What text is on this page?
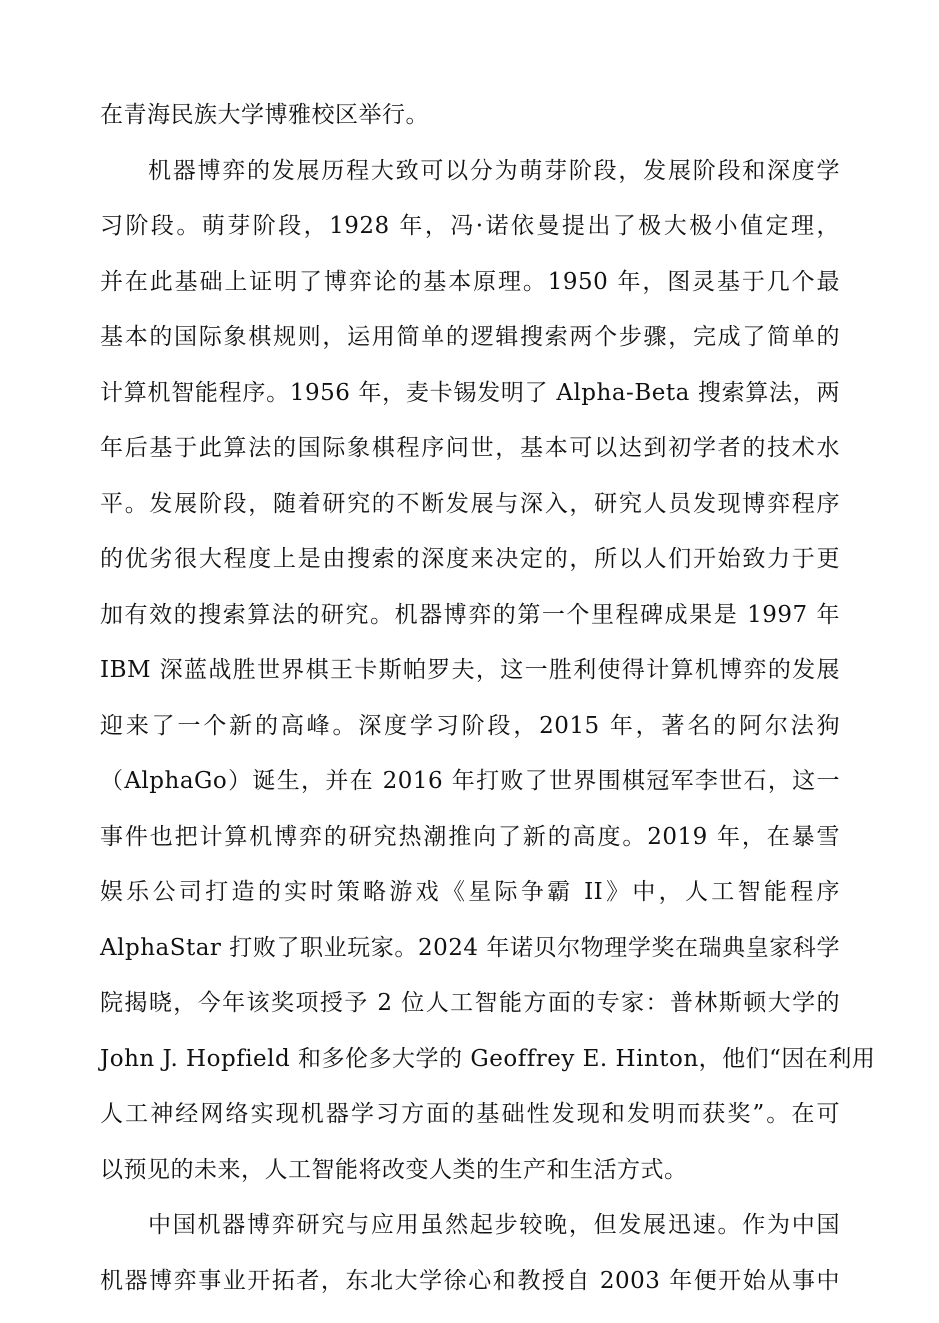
在青海民族大学博雅校区举行。
机器博弈的发展历程大致可以分为萌芽阶段，发展阶段和深度学
习阶段。萌芽阶段，1928 年，冯·诺依曼提出了极大极小值定理，
并在此基础上证明了博弈论的基本原理。1950 年，图灵基于几个最
基本的国际象棋规则，运用简单的逻辑搜索两个步骤，完成了简单的
计算机智能程序。1956 年，麦卡锡发明了 Alpha-Beta 搜索算法，两
年后基于此算法的国际象棋程序问世，基本可以达到初学者的技术水
平。发展阶段，随着研究的不断发展与深入，研究人员发现博弈程序
的优劣很大程度上是由搜索的深度来决定的，所以人们开始致力于更
加有效的搜索算法的研究。机器博弈的第一个里程碑成果是 1997 年
IBM 深蓝战胜世界棋王卡斯帕罗夫，这一胜利使得计算机博弈的发展
迎来了一个新的高峰。深度学习阶段，2015 年，著名的阿尔法狗
（AlphaGo）诞生，并在 2016 年打败了世界围棋冠军李世石，这一
事件也把计算机博弈的研究热潮推向了新的高度。2019 年，在暴雪
娱乐公司打造的实时策略游戏《星际争霸 II》中，人工智能程序
AlphaStar 打败了职业玩家。2024 年诺贝尔物理学奖在瑞典皇家科学
院揭晓，今年该奖项授予 2 位人工智能方面的专家：普林斯顿大学的
John J. Hopfield 和多伦多大学的 Geoffrey E. Hinton，他们“因在利用
人工神经网络实现机器学习方面的基础性发现和发明而获奖”。在可
以预见的未来，人工智能将改变人类的生产和生活方式。
中国机器博弈研究与应用虽然起步较晚，但发展迅速。作为中国
机器博弈事业开拓者，东北大学徐心和教授自 2003 年便开始从事中
